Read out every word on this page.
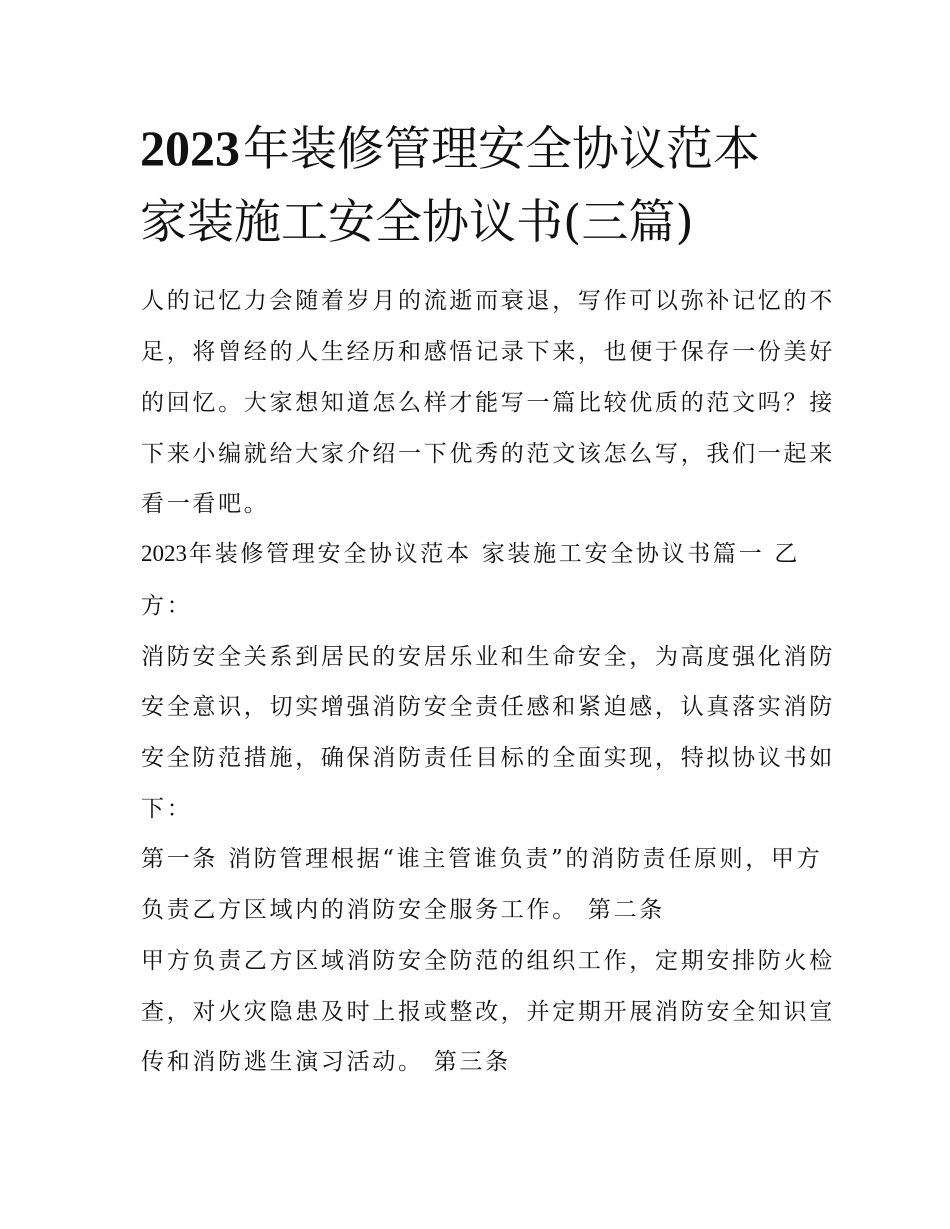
2023年装修管理安全协议范本
家装施工安全协议书(三篇)

人的记忆力会随着岁月的流逝而衰退，写作可以弥补记忆的不

足，将曾经的人生经历和感悟记录下来，也便于保存一份美好

的回忆。大家想知道怎么样才能写一篇比较优质的范文吗？接

下来小编就给大家介绍一下优秀的范文该怎么写，我们一起来

看一看吧。

2023年装修管理安全协议范本 家装施工安全协议书篇一 乙

方：

消防安全关系到居民的安居乐业和生命安全，为高度强化消防

安全意识，切实增强消防安全责任感和紧迫感，认真落实消防

安全防范措施，确保消防责任目标的全面实现，特拟协议书如

下：

第一条 消防管理根据“谁主管谁负责”的消防责任原则，甲方

负责乙方区域内的消防安全服务工作。 第二条

甲方负责乙方区域消防安全防范的组织工作，定期安排防火检

查，对火灾隐患及时上报或整改，并定期开展消防安全知识宣

传和消防逃生演习活动。 第三条
